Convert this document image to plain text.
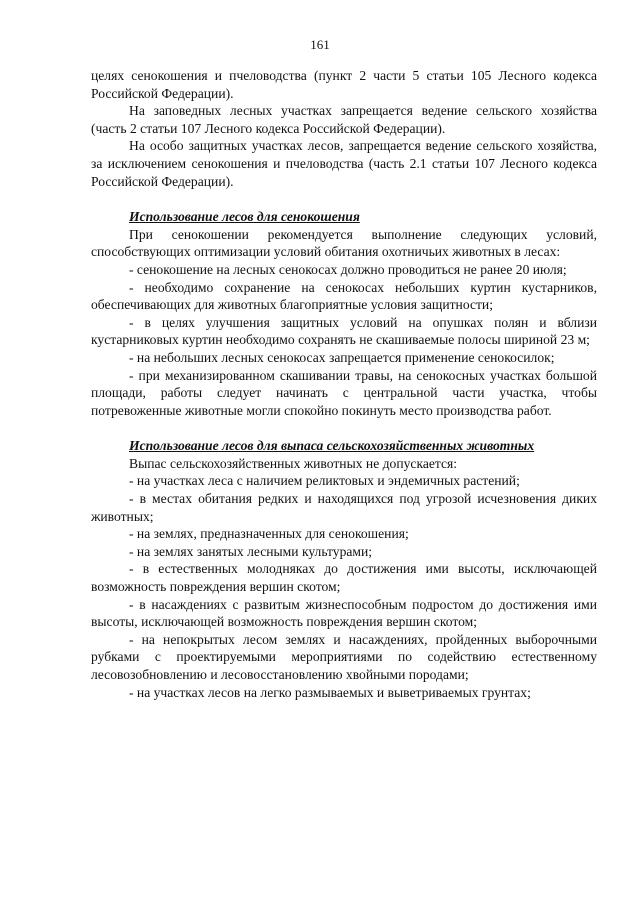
161

целях сенокошения и пчеловодства (пункт 2 части 5 статьи 105 Лесного кодекса Российской Федерации).

На заповедных лесных участках запрещается ведение сельского хозяйства (часть 2 статьи 107 Лесного кодекса Российской Федерации).

На особо защитных участках лесов, запрещается ведение сельского хозяйства, за исключением сенокошения и пчеловодства (часть 2.1 статьи 107 Лесного кодекса Российской Федерации).

Использование лесов для сенокошения

При сенокошении рекомендуется выполнение следующих условий, способствующих оптимизации условий обитания охотничьих животных в лесах:

- сенокошение на лесных сенокосах должно проводиться не ранее 20 июля;

- необходимо сохранение на сенокосах небольших куртин кустарников, обеспечивающих для животных благоприятные условия защитности;

- в целях улучшения защитных условий на опушках полян и вблизи кустарниковых куртин необходимо сохранять не скашиваемые полосы шириной 23 м;

- на небольших лесных сенокосах запрещается применение сенокосилок;

- при механизированном скашивании травы, на сенокосных участках большой площади, работы следует начинать с центральной части участка, чтобы потревоженные животные могли спокойно покинуть место производства работ.

Использование лесов для выпаса сельскохозяйственных животных

Выпас сельскохозяйственных животных не допускается:

- на участках леса с наличием реликтовых и эндемичных растений;

- в местах обитания редких и находящихся под угрозой исчезновения диких животных;

- на землях, предназначенных для сенокошения;

- на землях занятых лесными культурами;

- в естественных молодняках до достижения ими высоты, исключающей возможность повреждения вершин скотом;

- в насаждениях с развитым жизнеспособным подростом до достижения ими высоты, исключающей возможность повреждения вершин скотом;

- на непокрытых лесом землях и насаждениях, пройденных выборочными рубками с проектируемыми мероприятиями по содействию естественному лесовозобновлению и лесовосстановлению хвойными породами;

- на участках лесов на легко размываемых и выветриваемых грунтах;
